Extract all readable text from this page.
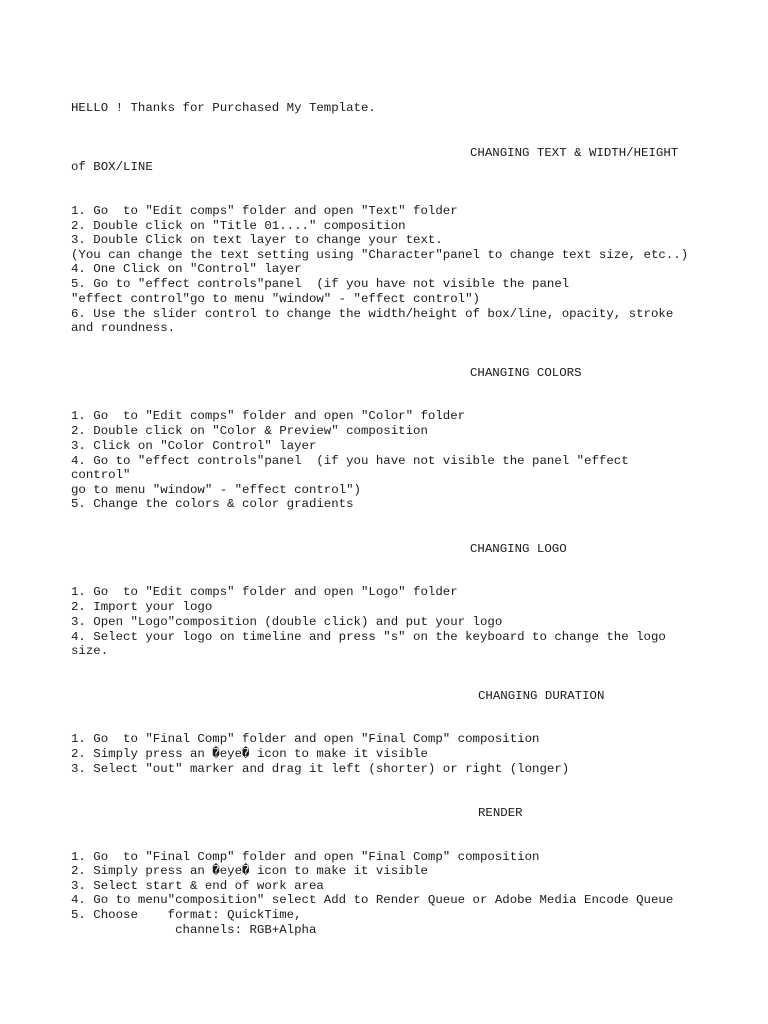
HELLO ! Thanks for Purchased My Template.

CHANGING TEXT & WIDTH/HEIGHT

of BOX/LINE

1. Go  to "Edit comps" folder and open "Text" folder

2. Double click on "Title 01...." composition

3. Double Click on text layer to change your text.

(You can change the text setting using "Character"panel to change text size, etc..)

4. One Click on "Control" layer

5. Go to "effect controls"panel  (if you have not visible the panel

"effect control"go to menu "window" - "effect control")

6. Use the slider control to change the width/height of box/line, opacity, stroke

and roundness.

CHANGING COLORS

1. Go  to "Edit comps" folder and open "Color" folder

2. Double click on "Color & Preview" composition

3. Click on "Color Control" layer

4. Go to "effect controls"panel  (if you have not visible the panel "effect

control"

go to menu "window" - "effect control")

5. Change the colors & color gradients

CHANGING LOGO

1. Go  to "Edit comps" folder and open "Logo" folder

2. Import your logo

3. Open "Logo"composition (double click) and put your logo

4. Select your logo on timeline and press "s" on the keyboard to change the logo

size.

CHANGING DURATION

1. Go  to "Final Comp" folder and open "Final Comp" composition

2. Simply press an �eye� icon to make it visible

3. Select "out" marker and drag it left (shorter) or right (longer)

RENDER

1. Go  to "Final Comp" folder and open "Final Comp" composition

2. Simply press an �eye� icon to make it visible

3. Select start & end of work area

4. Go to menu"composition" select Add to Render Queue or Adobe Media Encode Queue

5. Choose    format: QuickTime,

channels: RGB+Alpha
